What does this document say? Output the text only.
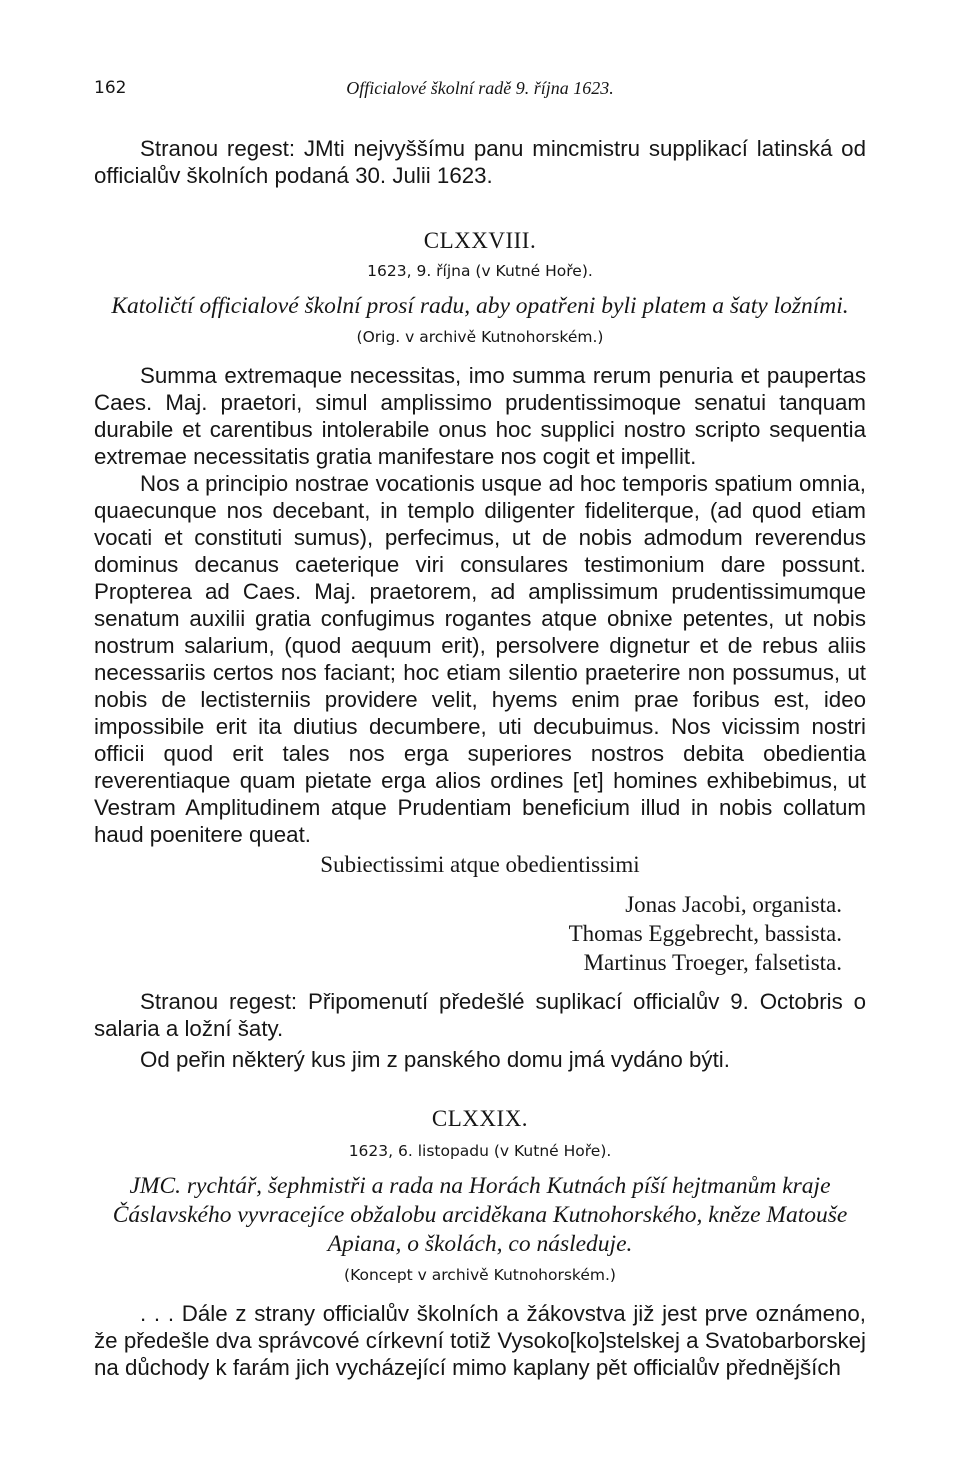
162	Officialové školní radě 9. října 1623.
Stranou regest: JMti nejvyššímu panu mincmistru supplikací latinská od officialův školních podaná 30. Julii 1623.
CLXXVIII.
1623, 9. října (v Kutné Hoře).
Katoličtí officialové školní prosí radu, aby opatřeni byli platem a šaty ložními.
(Orig. v archivě Kutnohorském.)

Summa extremaque necessitas, imo summa rerum penuria et paupertas Caes. Maj. praetori, simul amplissimo prudentissimoque senatui tanquam durabile et carentibus intolerabile onus hoc supplici nostro scripto sequentia extremae necessitatis gratia manifestare nos cogit et impellit.

Nos a principio nostrae vocationis usque ad hoc temporis spatium omnia, quaecunque nos decebant, in templo diligenter fideliterque, (ad quod etiam vocati et constituti sumus), perfecimus, ut de nobis admodum reverendus dominus decanus caeterique viri consulares testimonium dare possunt. Propterea ad Caes. Maj. praetorem, ad amplissimum prudentissimumque senatum auxilii gratia confugimus rogantes atque obnixe petentes, ut nobis nostrum salarium, (quod aequum erit), persolvere dignetur et de rebus aliis necessariis certos nos faciant; hoc etiam silentio praeterire non possumus, ut nobis de lectisterniis providere velit, hyems enim prae foribus est, ideo impossibile erit ita diutius decumbere, uti decubuimus. Nos vicissim nostri officii quod erit tales nos erga superiores nostros debita obedientia reverentiaque quam pietate erga alios ordines [et] homines exhibebimus, ut Vestram Amplitudinem atque Prudentiam beneficium illud in nobis collatum haud poenitere queat.

Subiectissimi atque obedientissimi
Jonas Jacobi, organista.
Thomas Eggebrecht, bassista.
Martinus Troeger, falsetista.
Stranou regest: Připomenutí předešlé suplikací officialův 9. Octobris o salaria a ložní šaty.
Od peřin některý kus jim z panského domu jmá vydáno býti.
CLXXIX.
1623, 6. listopadu (v Kutné Hoře).
JMC. rychtář, šephmistři a rada na Horách Kutnách píší hejtmanům kraje Čáslavského vyvracejíce obžalobu arciděkana Kutnohorského, kněze Matouše Apiana, o školách, co následuje.
(Koncept v archivě Kutnohorském.)
. . . Dále z strany officialův školních a žákovstva již jest prve oznámeno, že předešle dva správcové církevní totiž Vysoko[ko]stelskej a Svatobarborskej na důchody k farám jich vycházející mimo kaplany pět officialův přednějších
